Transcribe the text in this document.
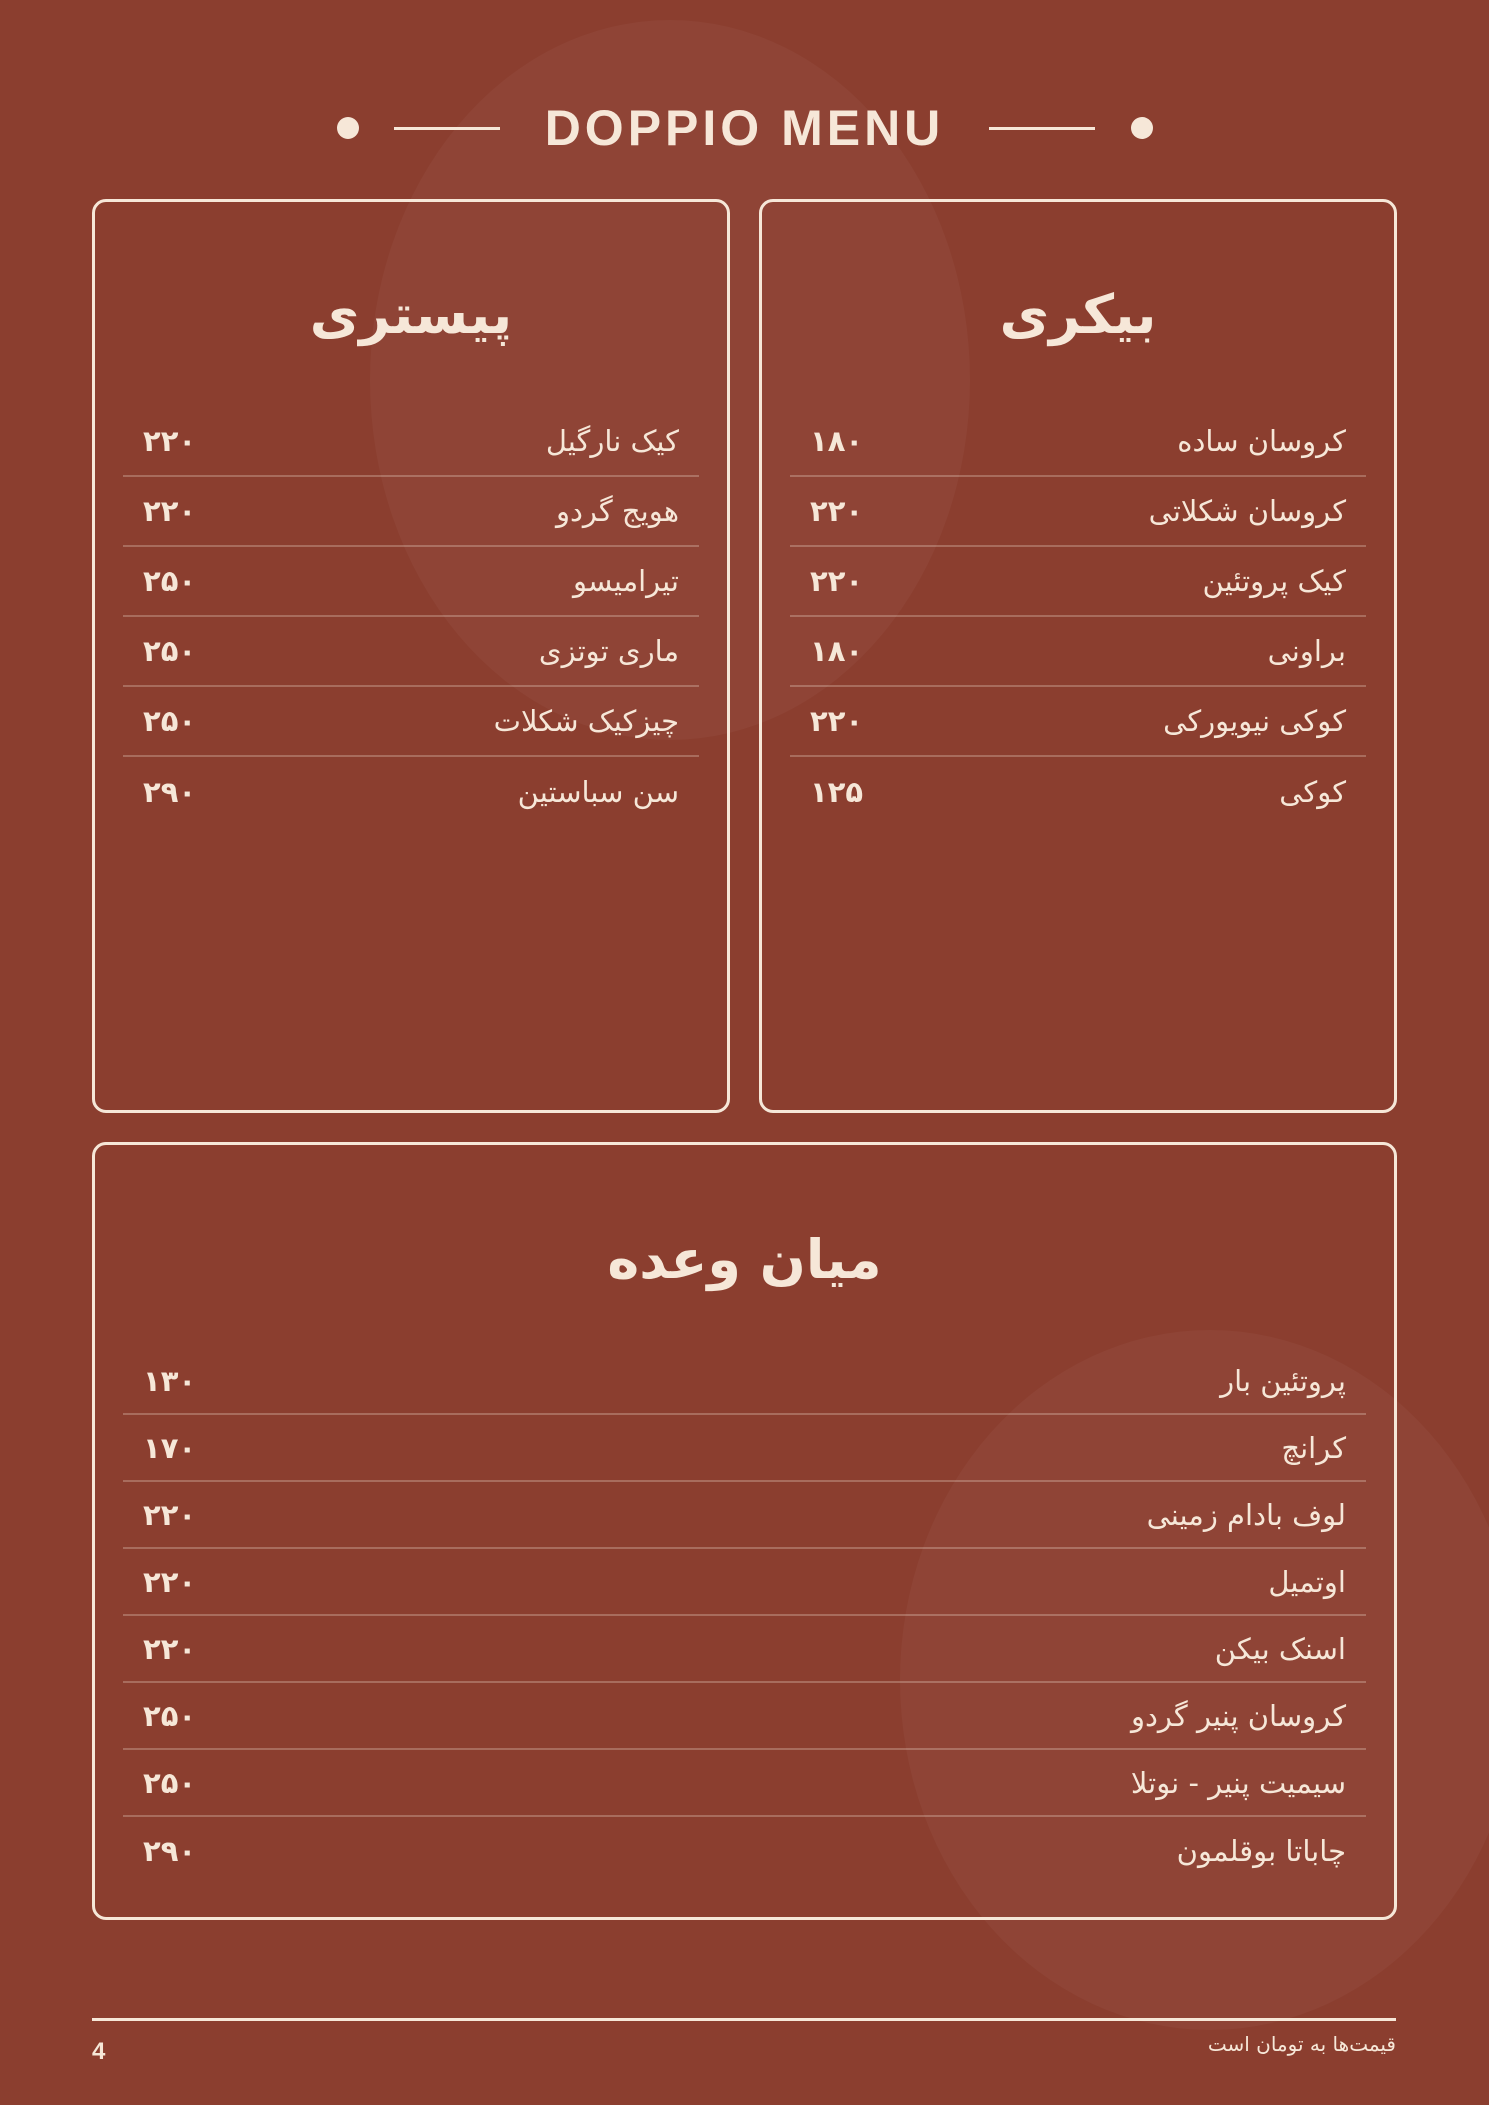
DOPPIO MENU
بیکری
کروسان ساده
۱۸۰
کروسان شکلاتی
۲۲۰
کیک پروتئین
۲۲۰
براونی
۱۸۰
کوکی نیویورکی
۲۲۰
کوکی
۱۲۵
پیستری
کیک نارگیل
۲۲۰
هویج گردو
۲۲۰
تیرامیسو
۲۵۰
ماری توتزی
۲۵۰
چیزکیک شکلات
۲۵۰
سن سباستین
۲۹۰
میان وعده
پروتئین بار
۱۳۰
کرانچ
۱۷۰
لوف بادام زمینی
۲۲۰
اوتمیل
۲۲۰
اسنک بیکن
۲۲۰
کروسان پنیر گردو
۲۵۰
سیمیت پنیر - نوتلا
۲۵۰
چاباتا بوقلمون
۲۹۰
4	قیمت‌ها به تومان است
